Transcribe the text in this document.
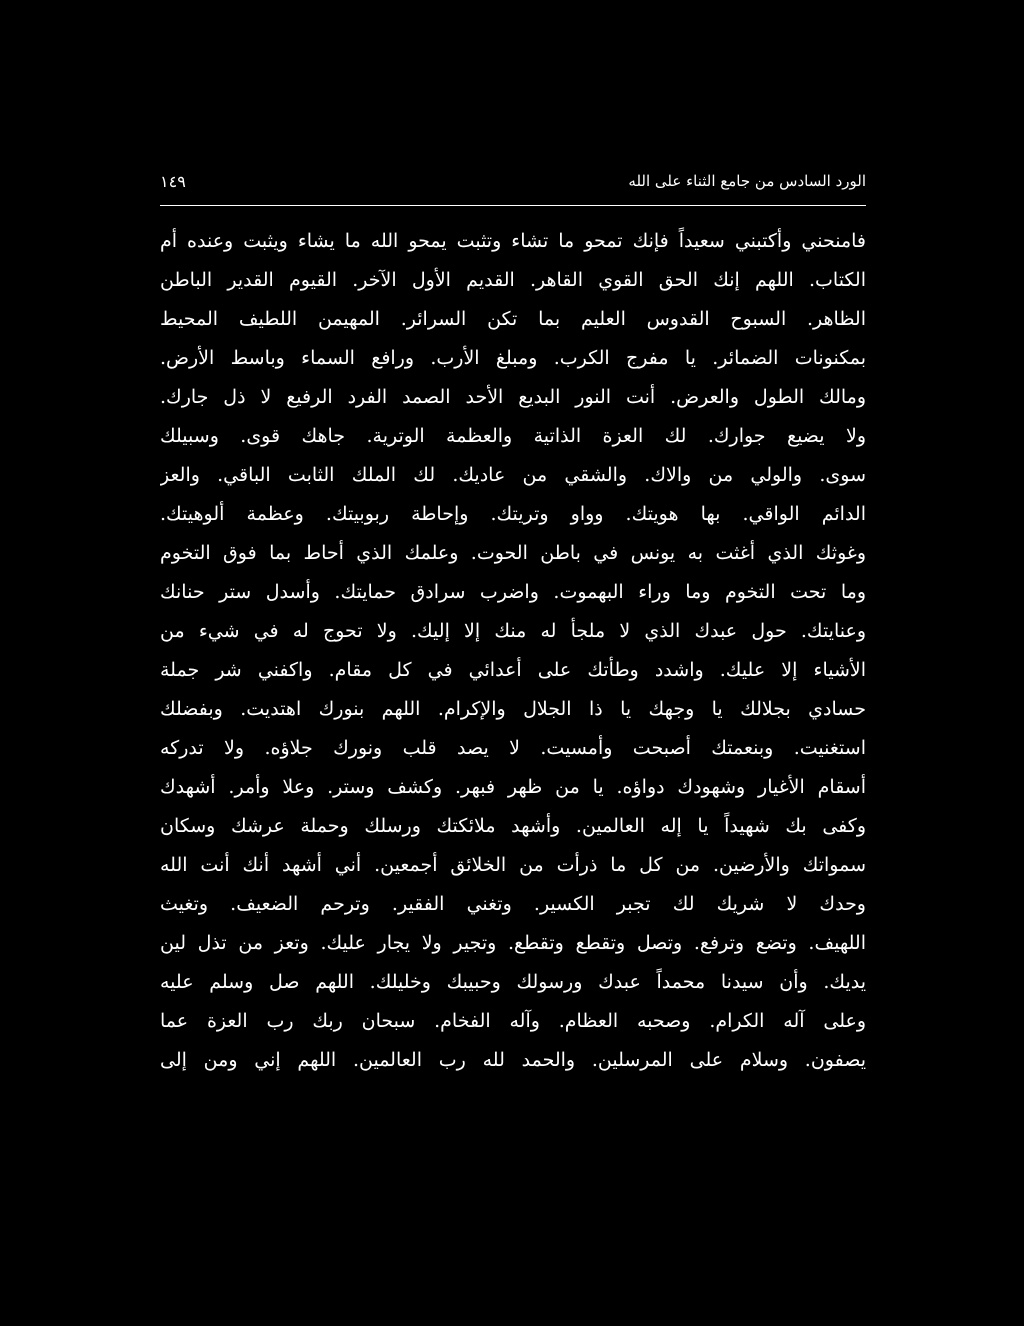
الورد السادس من جامع الثناء على الله
١٤٩
فامنحني وأكتبني سعيداً فإنك تمحو ما تشاء وتثبت يمحو الله ما يشاء ويثبت وعنده أم
الكتاب. اللهم إنك الحق القوي القاهر. القديم الأول الآخر. القيوم القدير الباطن
الظاهر. السبوح القدوس العليم بما تكن السرائر. المهيمن اللطيف المحيط
بمكنونات الضمائر. يا مفرج الكرب. ومبلغ الأرب. ورافع السماء وباسط الأرض.
ومالك الطول والعرض. أنت النور البديع الأحد الصمد الفرد الرفيع لا ذل جارك.
ولا يضيع جوارك. لك العزة الذاتية والعظمة الوترية. جاهك قوى. وسبيلك
سوى. والولي من والاك. والشقي من عاديك. لك الملك الثابت الباقي. والعز
الدائم الواقي. بها هويتك. وواو وتريتك. وإحاطة ربوبيتك. وعظمة ألوهيتك.
وغوثك الذي أغثت به يونس في باطن الحوت. وعلمك الذي أحاط بما فوق التخوم
وما تحت التخوم وما وراء البهموت. واضرب سرادق حمايتك. وأسدل ستر حنانك
وعنايتك. حول عبدك الذي لا ملجأ له منك إلا إليك. ولا تحوج له في شيء من
الأشياء إلا عليك. واشدد وطأتك على أعدائي في كل مقام. واكفني شر جملة
حسادي بجلالك يا وجهك يا ذا الجلال والإكرام. اللهم بنورك اهتديت. وبفضلك
استغنيت. وبنعمتك أصبحت وأمسيت. لا يصد قلب ونورك جلاؤه. ولا تدركه
أسقام الأغيار وشهودك دواؤه. يا من ظهر فبهر. وكشف وستر. وعلا وأمر. أشهدك
وكفى بك شهيداً يا إله العالمين. وأشهد ملائكتك ورسلك وحملة عرشك وسكان
سمواتك والأرضين. من كل ما ذرأت من الخلائق أجمعين. أني أشهد أنك أنت الله
وحدك لا شريك لك تجبر الكسير. وتغني الفقير. وترحم الضعيف. وتغيث
اللهيف. وتضع وترفع. وتصل وتقطع وتقطع. وتجير ولا يجار عليك. وتعز من تذل لين
يديك. وأن سيدنا محمداً عبدك ورسولك وحبيبك وخليلك. اللهم صل وسلم عليه
وعلى آله الكرام. وصحبه العظام. وآله الفخام. سبحان ربك رب العزة عما
يصفون. وسلام على المرسلين. والحمد لله رب العالمين. اللهم إني ومن إلى
